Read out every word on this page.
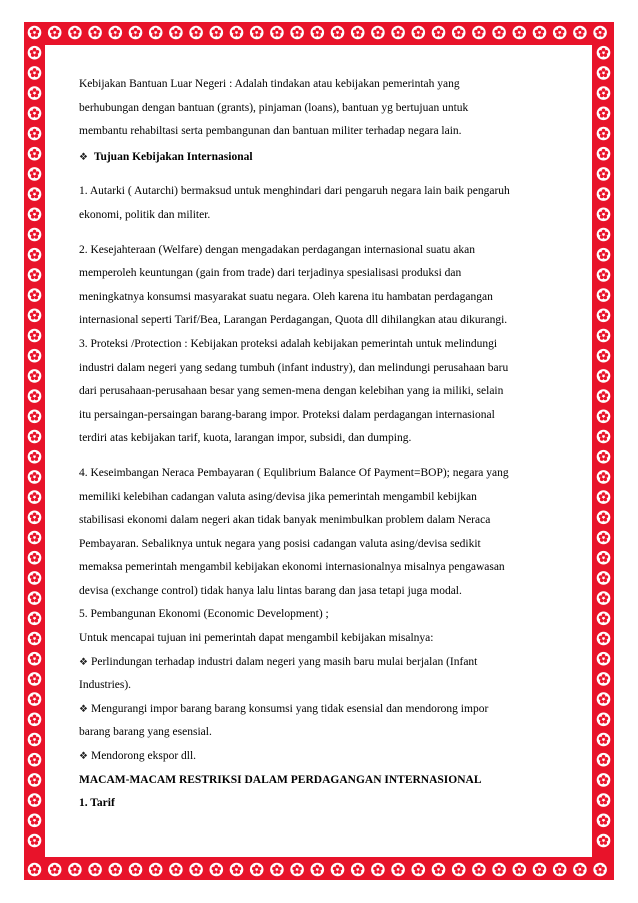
Kebijakan Bantuan Luar Negeri : Adalah tindakan atau kebijakan pemerintah yang

berhubungan dengan bantuan (grants), pinjaman (loans), bantuan yg bertujuan untuk

membantu rehabiltasi serta pembangunan dan bantuan militer terhadap negara lain.

❖ Tujuan Kebijakan Internasional

1. Autarki ( Autarchi) bermaksud untuk menghindari dari pengaruh negara lain baik pengaruh

ekonomi, politik dan militer.

2. Kesejahteraan (Welfare) dengan mengadakan perdagangan internasional suatu akan

memperoleh keuntungan (gain from trade) dari terjadinya spesialisasi produksi dan

meningkatnya konsumsi masyarakat suatu negara. Oleh karena itu hambatan perdagangan

internasional seperti Tarif/Bea, Larangan Perdagangan, Quota dll dihilangkan atau dikurangi.

3. Proteksi /Protection : Kebijakan proteksi adalah kebijakan pemerintah untuk melindungi

industri dalam negeri yang sedang tumbuh (infant industry), dan melindungi perusahaan baru

dari perusahaan-perusahaan besar yang semen-mena dengan kelebihan yang ia miliki, selain

itu persaingan-persaingan barang-barang impor. Proteksi dalam perdagangan internasional

terdiri atas kebijakan tarif, kuota, larangan impor, subsidi, dan dumping.

4. Keseimbangan Neraca Pembayaran ( Equlibrium Balance Of Payment=BOP); negara yang

memiliki kelebihan cadangan valuta asing/devisa jika pemerintah mengambil kebijkan

stabilisasi ekonomi dalam negeri akan tidak banyak menimbulkan problem dalam Neraca

Pembayaran. Sebaliknya untuk negara yang posisi cadangan valuta asing/devisa sedikit

memaksa pemerintah mengambil kebijakan ekonomi internasionalnya misalnya pengawasan

devisa (exchange control) tidak hanya lalu lintas barang dan jasa tetapi juga modal.

5. Pembangunan Ekonomi (Economic Development) ;

Untuk mencapai tujuan ini pemerintah dapat mengambil kebijakan misalnya:

❖ Perlindungan terhadap industri dalam negeri yang masih baru mulai berjalan (Infant

Industries).

❖ Mengurangi impor barang barang konsumsi yang tidak esensial dan mendorong impor

barang barang yang esensial.

❖ Mendorong ekspor dll.

MACAM-MACAM RESTRIKSI DALAM PERDAGANGAN INTERNASIONAL

1. Tarif
